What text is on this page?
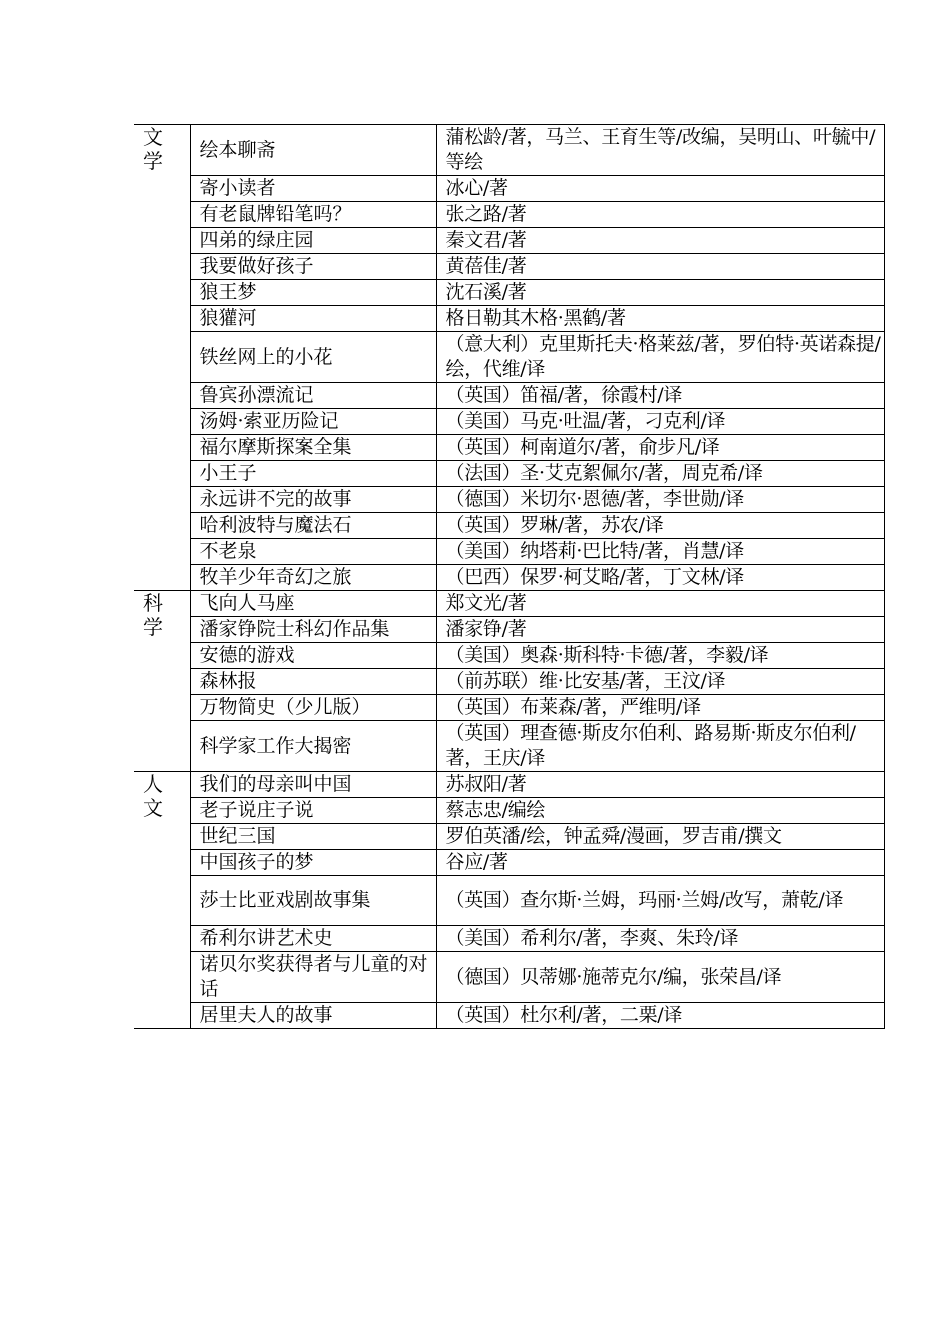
文学	绘本聊斋	蒲松龄/著，马兰、王育生等/改编，吴明山、叶毓中/等绘
	寄小读者	冰心/著
	有老鼠牌铅笔吗？	张之路/著
	四弟的绿庄园	秦文君/著
	我要做好孩子	黄蓓佳/著
	狼王梦	沈石溪/著
	狼獾河	格日勒其木格·黑鹤/著
	铁丝网上的小花	（意大利）克里斯托夫·格莱兹/著，罗伯特·英诺森提/绘，代维/译
	鲁宾孙漂流记	（英国）笛福/著，徐霞村/译
	汤姆·索亚历险记	（美国）马克·吐温/著，刁克利/译
	福尔摩斯探案全集	（英国）柯南道尔/著，俞步凡/译
	小王子	（法国）圣·艾克絮佩尔/著，周克希/译
	永远讲不完的故事	（德国）米切尔·恩德/著，李世勋/译
	哈利波特与魔法石	（英国）罗琳/著，苏农/译
	不老泉	（美国）纳塔莉·巴比特/著，肖慧/译
	牧羊少年奇幻之旅	（巴西）保罗·柯艾略/著，丁文林/译

科学	飞向人马座	郑文光/著
	潘家铮院士科幻作品集	潘家铮/著
	安德的游戏	（美国）奥森·斯科特·卡德/著，李毅/译
	森林报	（前苏联）维·比安基/著，王汶/译
	万物简史（少儿版）	（英国）布莱森/著，严维明/译
	科学家工作大揭密	（英国）理查德·斯皮尔伯利、路易斯·斯皮尔伯利/著，王庆/译

人文	我们的母亲叫中国	苏叔阳/著
	老子说庄子说	蔡志忠/编绘
	世纪三国	罗伯英潘/绘，钟孟舜/漫画，罗吉甫/撰文
	中国孩子的梦	谷应/著
	莎士比亚戏剧故事集	（英国）查尔斯·兰姆，玛丽·兰姆/改写，萧乾/译
	希利尔讲艺术史	（美国）希利尔/著，李爽、朱玲/译
	诺贝尔奖获得者与儿童的对话	（德国）贝蒂娜·施蒂克尔/编，张荣昌/译
	居里夫人的故事	（英国）杜尔利/著，二栗/译
